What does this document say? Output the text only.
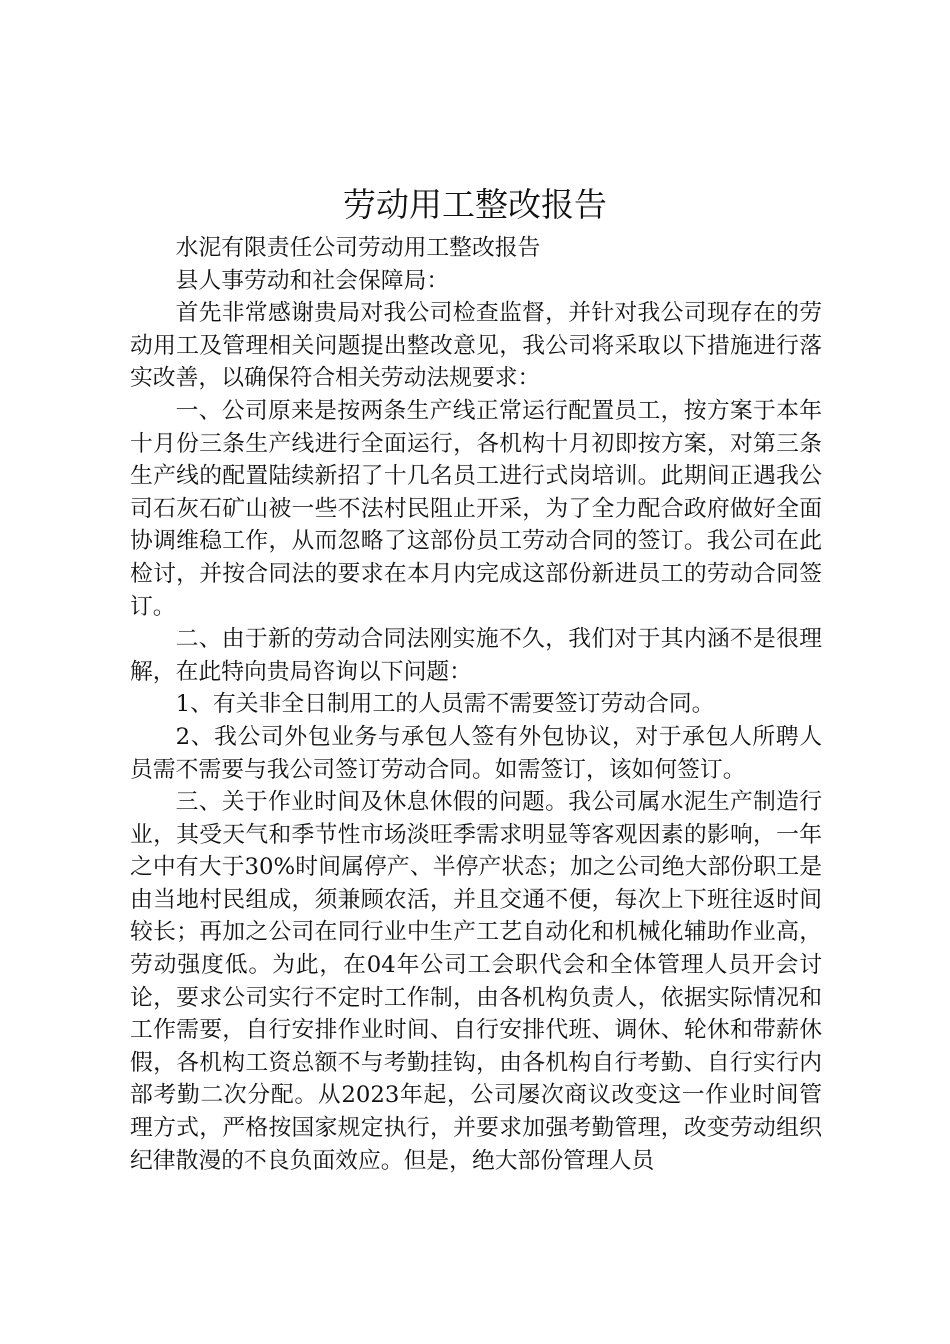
劳动用工整改报告

水泥有限责任公司劳动用工整改报告

县人事劳动和社会保障局：

首先非常感谢贵局对我公司检查监督，并针对我公司现存在的劳动用工及管理相关问题提出整改意见，我公司将采取以下措施进行落实改善，以确保符合相关劳动法规要求：

一、公司原来是按两条生产线正常运行配置员工，按方案于本年十月份三条生产线进行全面运行，各机构十月初即按方案，对第三条生产线的配置陆续新招了十几名员工进行式岗培训。此期间正遇我公司石灰石矿山被一些不法村民阻止开采，为了全力配合政府做好全面协调维稳工作，从而忽略了这部份员工劳动合同的签订。我公司在此检讨，并按合同法的要求在本月内完成这部份新进员工的劳动合同签订。

二、由于新的劳动合同法刚实施不久，我们对于其内涵不是很理解，在此特向贵局咨询以下问题：

1、有关非全日制用工的人员需不需要签订劳动合同。

2、我公司外包业务与承包人签有外包协议，对于承包人所聘人员需不需要与我公司签订劳动合同。如需签订，该如何签订。

三、关于作业时间及休息休假的问题。我公司属水泥生产制造行业，其受天气和季节性市场淡旺季需求明显等客观因素的影响，一年之中有大于30%时间属停产、半停产状态；加之公司绝大部份职工是由当地村民组成，须兼顾农活，并且交通不便，每次上下班往返时间较长；再加之公司在同行业中生产工艺自动化和机械化辅助作业高，劳动强度低。为此，在04年公司工会职代会和全体管理人员开会讨论，要求公司实行不定时工作制，由各机构负责人，依据实际情况和工作需要，自行安排作业时间、自行安排代班、调休、轮休和带薪休假，各机构工资总额不与考勤挂钩，由各机构自行考勤、自行实行内部考勤二次分配。从2023年起，公司屡次商议改变这一作业时间管理方式，严格按国家规定执行，并要求加强考勤管理，改变劳动组织纪律散漫的不良负面效应。但是，绝大部份管理人员
